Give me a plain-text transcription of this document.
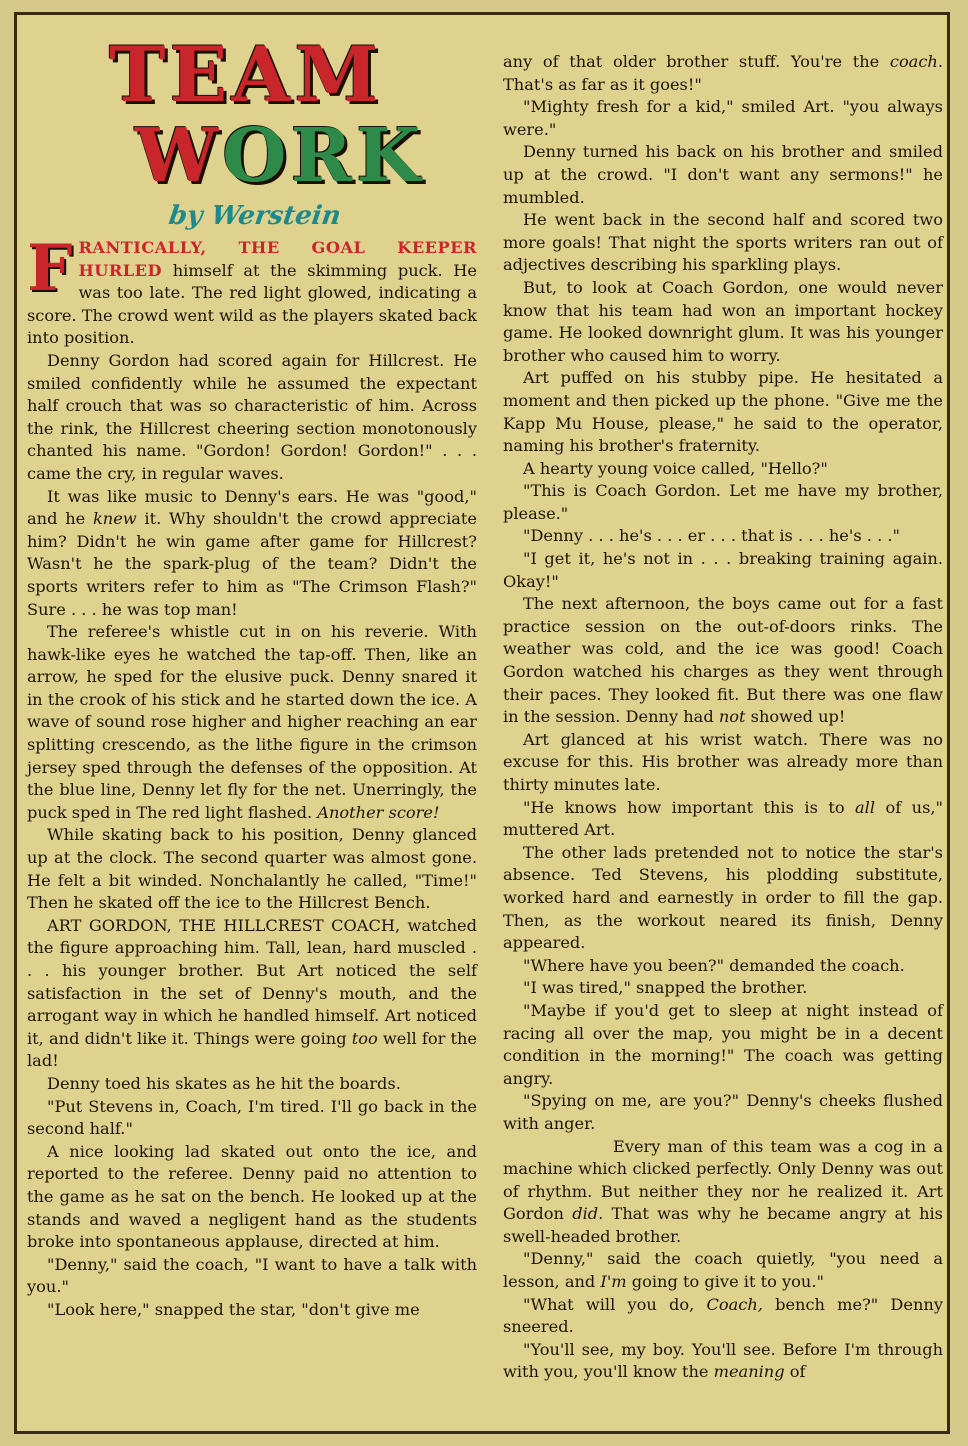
TEAM
WORK
by Werstein

FRANTICALLY, THE GOAL KEEPER HURLED himself at the skimming puck. He was too late. The red light glowed, indicating a score. The crowd went wild as the players skated back into position.

Denny Gordon had scored again for Hillcrest. He smiled confidently while he assumed the expectant half crouch that was so characteristic of him. Across the rink, the Hillcrest cheering section monotonously chanted his name. "Gordon! Gordon! Gordon!" . . . came the cry, in regular waves.

It was like music to Denny's ears. He was "good," and he knew it. Why shouldn't the crowd appreciate him? Didn't he win game after game for Hillcrest? Wasn't he the spark-plug of the team? Didn't the sports writers refer to him as "The Crimson Flash?" Sure . . . he was top man!

The referee's whistle cut in on his reverie. With hawk-like eyes he watched the tap-off. Then, like an arrow, he sped for the elusive puck. Denny snared it in the crook of his stick and he started down the ice. A wave of sound rose higher and higher reaching an ear splitting crescendo, as the lithe figure in the crimson jersey sped through the defenses of the opposition. At the blue line, Denny let fly for the net. Unerringly, the puck sped in The red light flashed. Another score!

While skating back to his position, Denny glanced up at the clock. The second quarter was almost gone. He felt a bit winded. Nonchalantly he called, "Time!" Then he skated off the ice to the Hillcrest Bench.

ART GORDON, THE HILLCREST COACH, watched the figure approaching him. Tall, lean, hard muscled . . . his younger brother. But Art noticed the self satisfaction in the set of Denny's mouth, and the arrogant way in which he handled himself. Art noticed it, and didn't like it. Things were going too well for the lad!

Denny toed his skates as he hit the boards.

"Put Stevens in, Coach, I'm tired. I'll go back in the second half."

A nice looking lad skated out onto the ice, and reported to the referee. Denny paid no attention to the game as he sat on the bench. He looked up at the stands and waved a negligent hand as the students broke into spontaneous applause, directed at him.

"Denny," said the coach, "I want to have a talk with you."

"Look here," snapped the star, "don't give me

any of that older brother stuff. You're the coach. That's as far as it goes!"

"Mighty fresh for a kid," smiled Art. "you always were."

Denny turned his back on his brother and smiled up at the crowd. "I don't want any sermons!" he mumbled.

He went back in the second half and scored two more goals! That night the sports writers ran out of adjectives describing his sparkling plays.

But, to look at Coach Gordon, one would never know that his team had won an important hockey game. He looked downright glum. It was his younger brother who caused him to worry.

Art puffed on his stubby pipe. He hesitated a moment and then picked up the phone. "Give me the Kapp Mu House, please," he said to the operator, naming his brother's fraternity.

A hearty young voice called, "Hello?"

"This is Coach Gordon. Let me have my brother, please."

"Denny . . . he's . . . er . . . that is . . . he's . . ."

"I get it, he's not in . . . breaking training again. Okay!"

The next afternoon, the boys came out for a fast practice session on the out-of-doors rinks. The weather was cold, and the ice was good! Coach Gordon watched his charges as they went through their paces. They looked fit. But there was one flaw in the session. Denny had not showed up!

Art glanced at his wrist watch. There was no excuse for this. His brother was already more than thirty minutes late.

"He knows how important this is to all of us," muttered Art.

The other lads pretended not to notice the star's absence. Ted Stevens, his plodding substitute, worked hard and earnestly in order to fill the gap. Then, as the workout neared its finish, Denny appeared.

"Where have you been?" demanded the coach.

"I was tired," snapped the brother.

"Maybe if you'd get to sleep at night instead of racing all over the map, you might be in a decent condition in the morning!" The coach was getting angry.

"Spying on me, are you?" Denny's cheeks flushed with anger.

Every man of this team was a cog in a machine which clicked perfectly. Only Denny was out of rhythm. But neither they nor he realized it. Art Gordon did. That was why he became angry at his swell-headed brother.

"Denny," said the coach quietly, "you need a lesson, and I'm going to give it to you."

"What will you do, Coach, bench me?" Denny sneered.

"You'll see, my boy. You'll see. Before I'm through with you, you'll know the meaning of
